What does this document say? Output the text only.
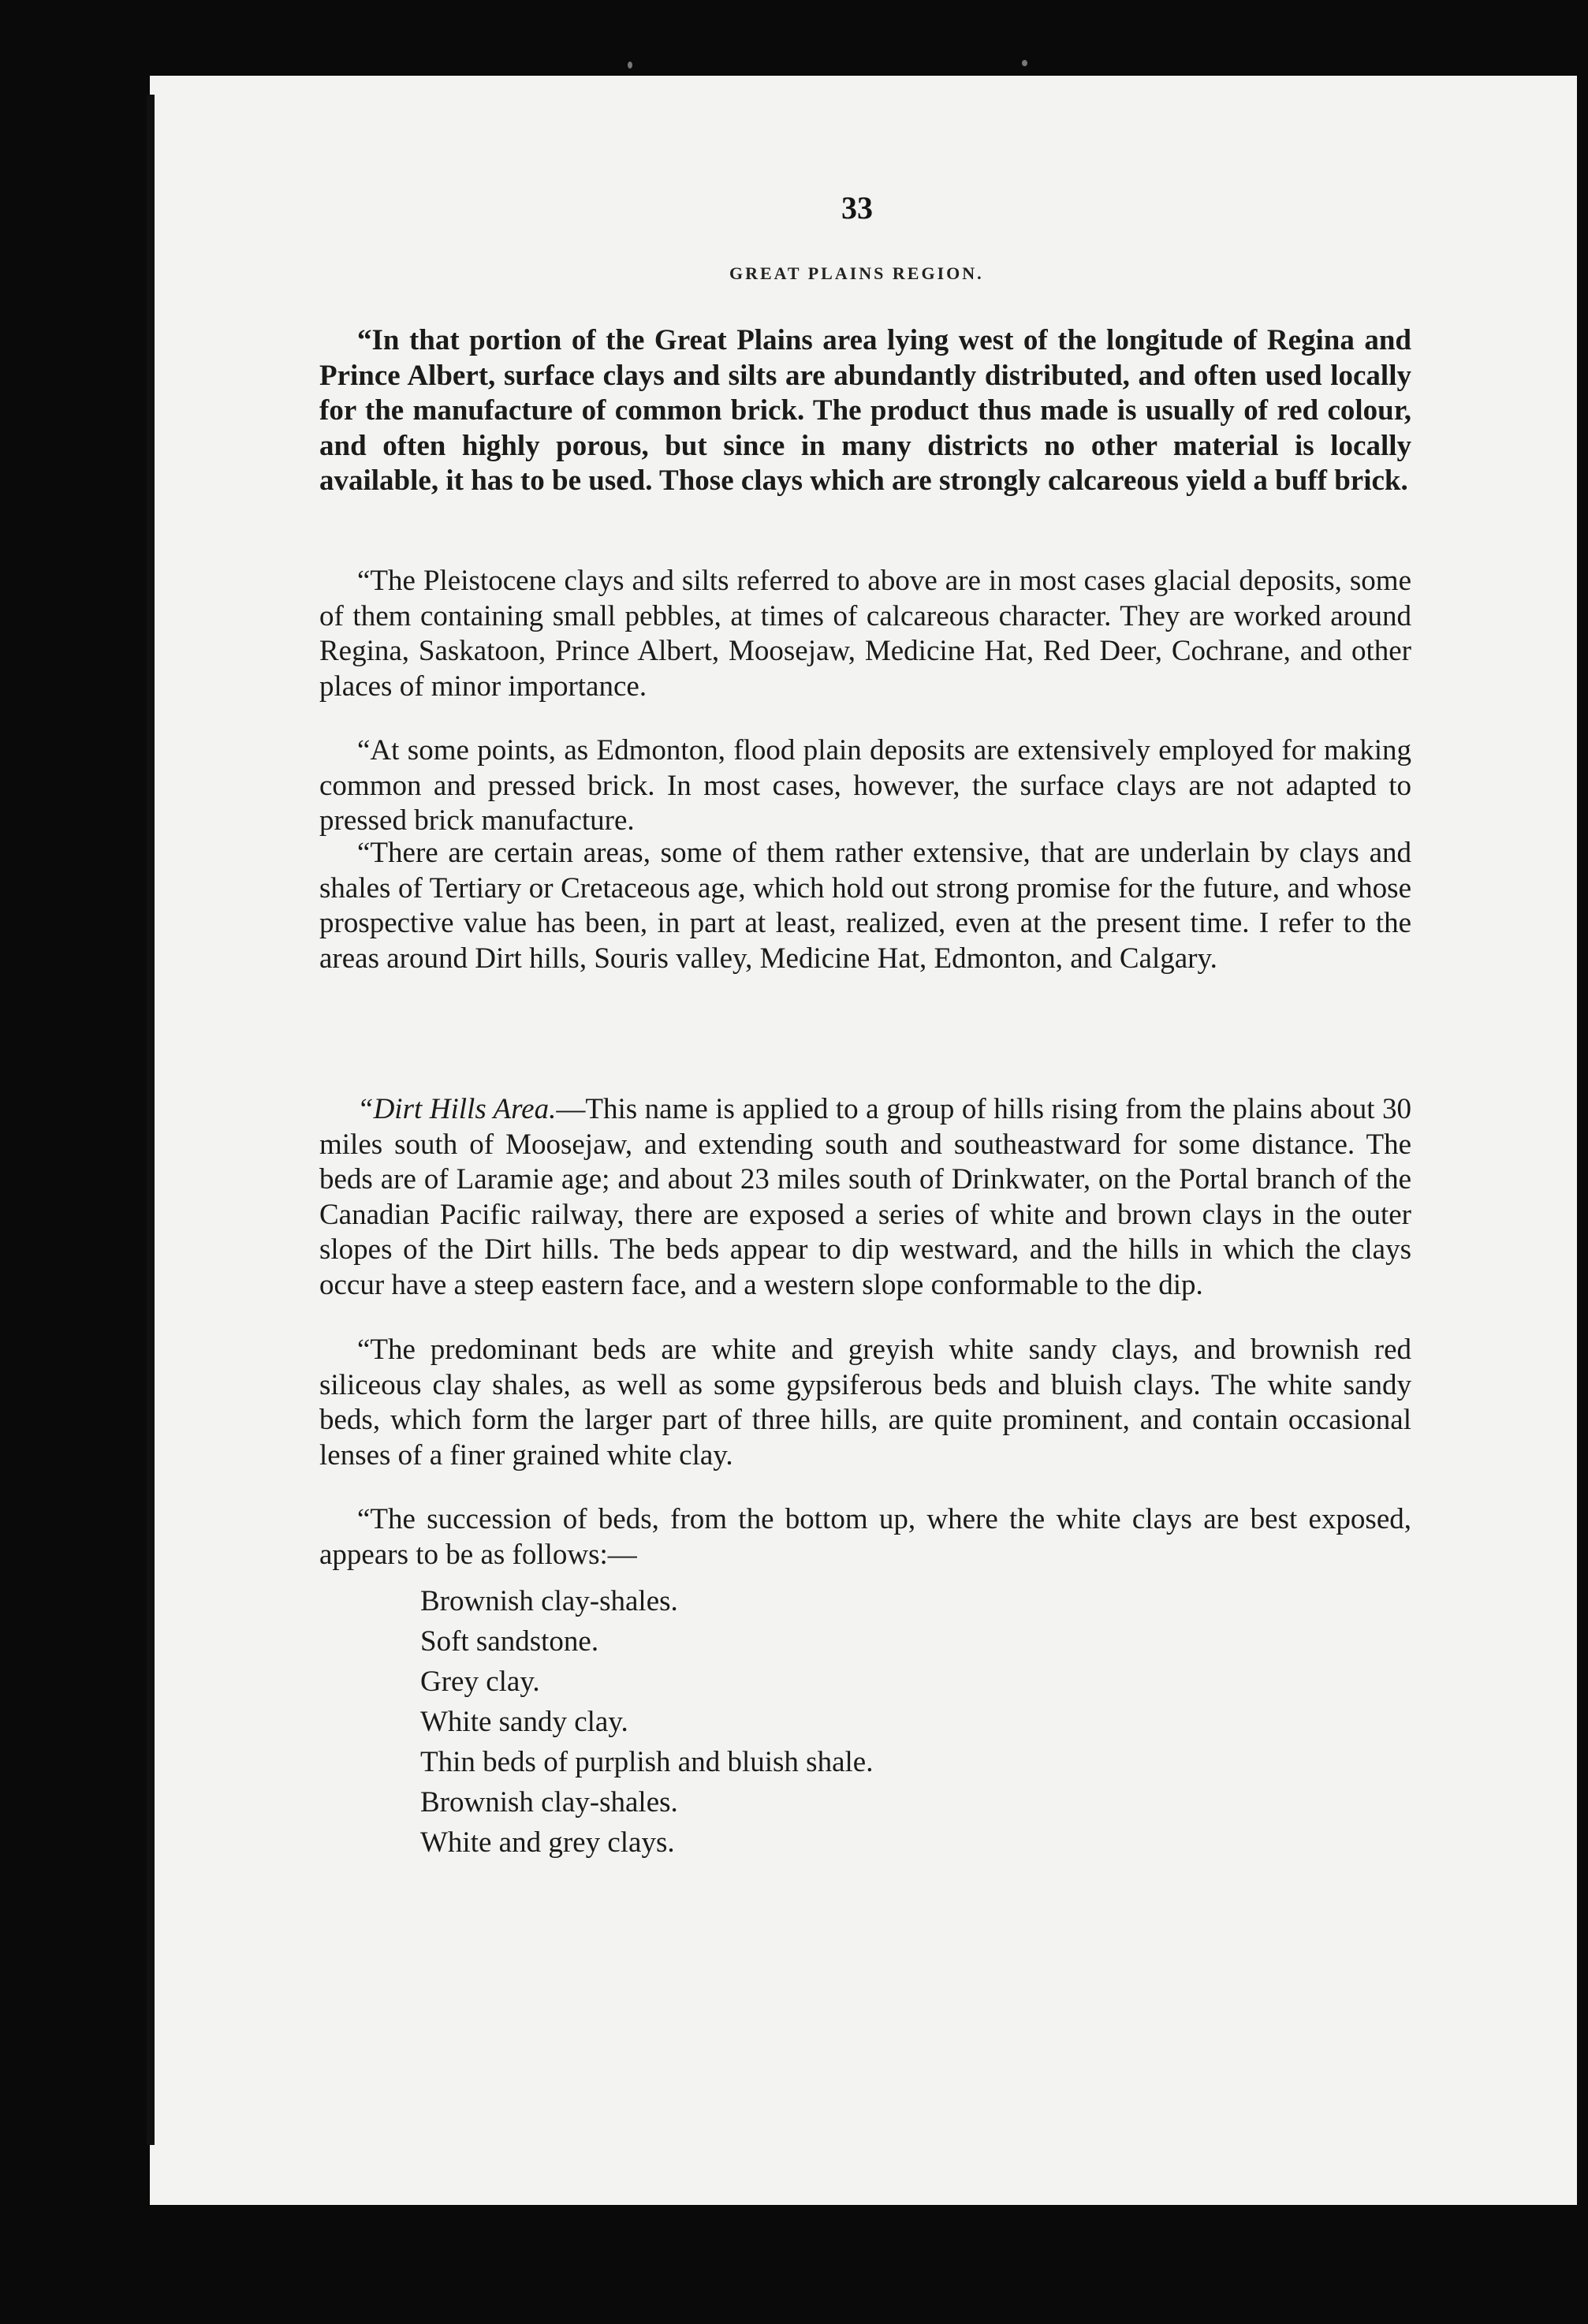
33
GREAT PLAINS REGION.

“In that portion of the Great Plains area lying west of the longitude of Regina and Prince Albert, surface clays and silts are abundantly distributed, and often used locally for the manufacture of common brick. The product thus made is usually of red colour, and often highly porous, but since in many districts no other material is locally available, it has to be used. Those clays which are strongly calcareous yield a buff brick.

“The Pleistocene clays and silts referred to above are in most cases glacial deposits, some of them containing small pebbles, at times of calcareous character. They are worked around Regina, Saskatoon, Prince Albert, Moosejaw, Medicine Hat, Red Deer, Cochrane, and other places of minor importance.

“At some points, as Edmonton, flood plain deposits are extensively employed for making common and pressed brick. In most cases, however, the surface clays are not adapted to pressed brick manufacture.

“There are certain areas, some of them rather extensive, that are underlain by clays and shales of Tertiary or Cretaceous age, which hold out strong promise for the future, and whose prospective value has been, in part at least, realized, even at the present time. I refer to the areas around Dirt hills, Souris valley, Medicine Hat, Edmonton, and Calgary.

“Dirt Hills Area.—This name is applied to a group of hills rising from the plains about 30 miles south of Moosejaw, and extending south and southeastward for some distance. The beds are of Laramie age; and about 23 miles south of Drinkwater, on the Portal branch of the Canadian Pacific railway, there are exposed a series of white and brown clays in the outer slopes of the Dirt hills. The beds appear to dip westward, and the hills in which the clays occur have a steep eastern face, and a western slope conformable to the dip.

“The predominant beds are white and greyish white sandy clays, and brownish red siliceous clay shales, as well as some gypsiferous beds and bluish clays. The white sandy beds, which form the larger part of three hills, are quite prominent, and contain occasional lenses of a finer grained white clay.

“The succession of beds, from the bottom up, where the white clays are best exposed, appears to be as follows:—

Brownish clay-shales.
Soft sandstone.
Grey clay.
White sandy clay.
Thin beds of purplish and bluish shale.
Brownish clay-shales.
White and grey clays.
